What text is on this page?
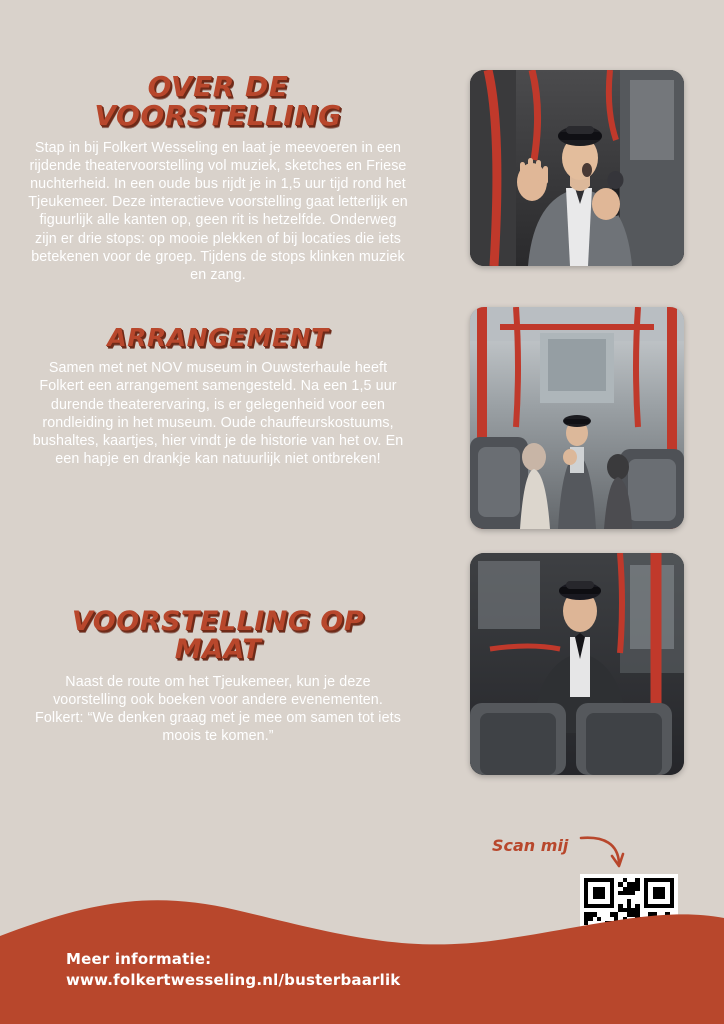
OVER DE VOORSTELLING

Stap in bij Folkert Wesseling en laat je meevoeren in een rijdende theatervoorstelling vol muziek, sketches en Friese nuchterheid. In een oude bus rijdt je in 1,5 uur tijd rond het Tjeukemeer. Deze interactieve voorstelling gaat letterlijk en figuurlijk alle kanten op, geen rit is hetzelfde. Onderweg zijn er drie stops: op mooie plekken of bij locaties die iets betekenen voor de groep. Tijdens de stops klinken muziek en zang.

ARRANGEMENT

Samen met net NOV museum in Ouwsterhaule heeft Folkert een arrangement samengesteld. Na een 1,5 uur durende theaterervaring, is er gelegenheid voor een rondleiding in het museum. Oude chauffeurskostuums, bushaltes, kaartjes, hier vindt je de historie van het ov. En een hapje en drankje kan natuurlijk niet ontbreken!

VOORSTELLING OP MAAT

Naast de route om het Tjeukemeer, kun je deze voorstelling ook boeken voor andere evenementen. Folkert: “We denken graag met je mee om samen tot iets moois te komen.”

Scan mij
Meer informatie:
www.folkertwesseling.nl/busterbaarlik
